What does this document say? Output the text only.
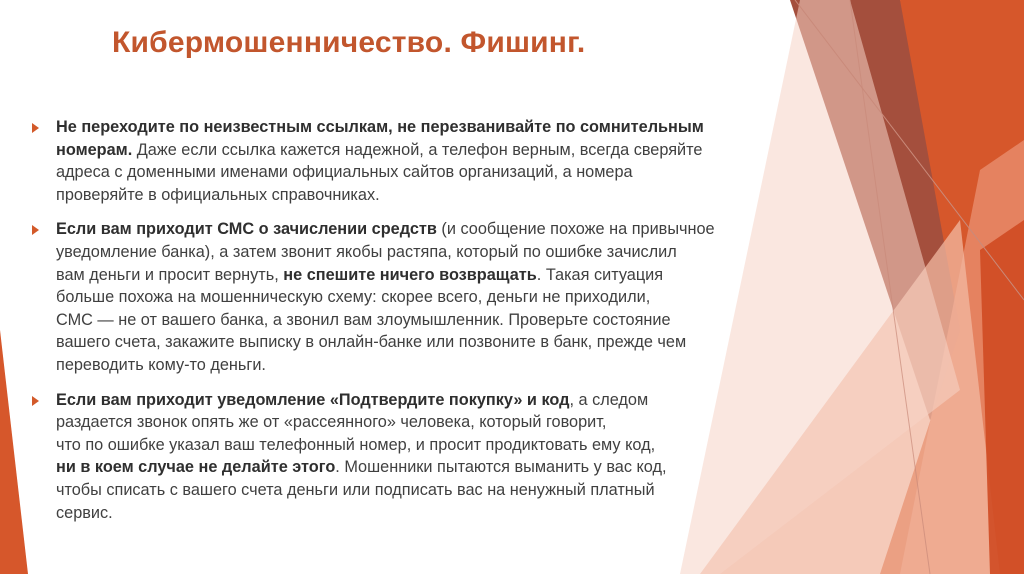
Кибермошенничество. Фишинг.
Не переходите по неизвестным ссылкам, не перезванивайте по сомнительным
номерам. Даже если ссылка кажется надежной, а телефон верным, всегда сверяйте
адреса с доменными именами официальных сайтов организаций, а номера
проверяйте в официальных справочниках.
Если вам приходит СМС о зачислении средств (и сообщение похоже на привычное
уведомление банка), а затем звонит якобы растяпа, который по ошибке зачислил
вам деньги и просит вернуть, не спешите ничего возвращать. Такая ситуация
больше похожа на мошенническую схему: скорее всего, деньги не приходили,
СМС — не от вашего банка, а звонил вам злоумышленник. Проверьте состояние
вашего счета, закажите выписку в онлайн-банке или позвоните в банк, прежде чем
переводить кому-то деньги.
Если вам приходит уведомление «Подтвердите покупку» и код, а следом
раздается звонок опять же от «рассеянного» человека, который говорит,
что по ошибке указал ваш телефонный номер, и просит продиктовать ему код,
ни в коем случае не делайте этого. Мошенники пытаются выманить у вас код,
чтобы списать с вашего счета деньги или подписать вас на ненужный платный
сервис.
